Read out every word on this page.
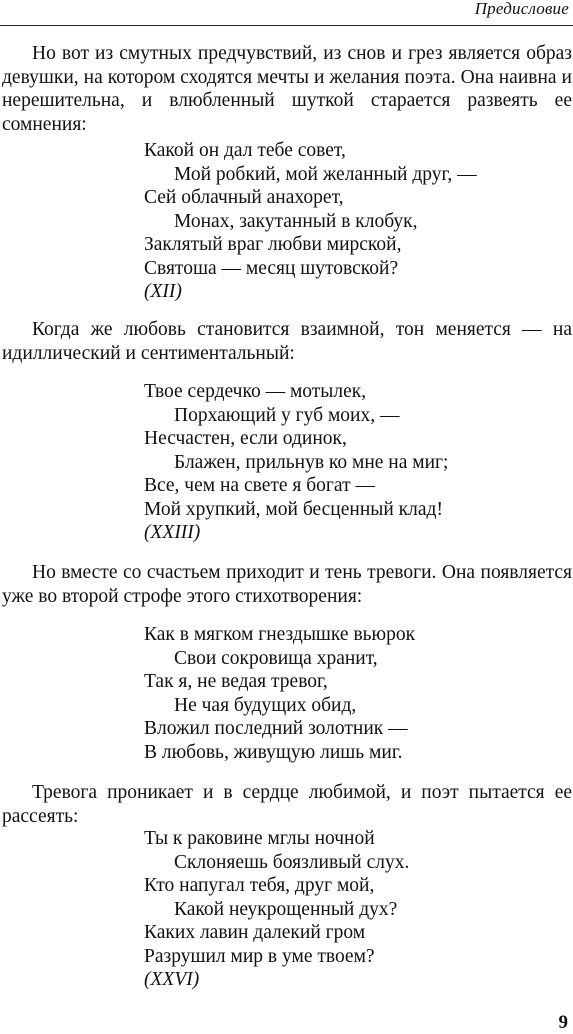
Предисловие

Но вот из смутных предчувствий, из снов и грез является образ девушки, на котором сходятся мечты и желания поэта. Она наивна и нерешительна, и влюбленный шуткой старается развеять ее сомнения:

Какой он дал тебе совет,
Мой робкий, мой желанный друг, —
Сей облачный анахорет,
Монах, закутанный в клобук,
Заклятый враг любви мирской,
Святоша — месяц шутовской?
(XII)

Когда же любовь становится взаимной, тон меняется — на идиллический и сентиментальный:

Твое сердечко — мотылек,
Порхающий у губ моих, —
Несчастен, если одинок,
Блажен, прильнув ко мне на миг;
Все, чем на свете я богат —
Мой хрупкий, мой бесценный клад!
(XXIII)

Но вместе со счастьем приходит и тень тревоги. Она появляется уже во второй строфе этого стихотворения:

Как в мягком гнездышке вьюрок
Свои сокровища хранит,
Так я, не ведая тревог,
Не чая будущих обид,
Вложил последний золотник —
В любовь, живущую лишь миг.

Тревога проникает и в сердце любимой, и поэт пытается ее рассеять:

Ты к раковине мглы ночной
Склоняешь боязливый слух.
Кто напугал тебя, друг мой,
Какой неукрощенный дух?
Каких лавин далекий гром
Разрушил мир в уме твоем?
(XXVI)
9
